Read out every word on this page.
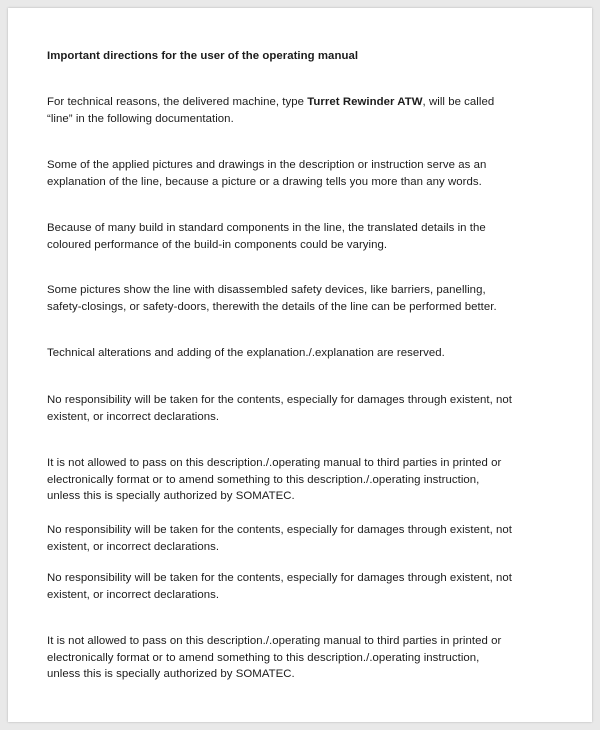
Important directions for the user of the operating manual
For technical reasons, the delivered machine, type Turret Rewinder ATW, will be called
“line” in the following documentation.
Some of the applied pictures and drawings in the description or instruction serve as an
explanation of the line, because a picture or a drawing tells you more than any words.
Because of many build in standard components in the line, the translated details in the
coloured performance of the build-in components could be varying.
Some pictures show the line with disassembled safety devices, like barriers, panelling,
safety-closings, or safety-doors, therewith the details of the line can be performed better.
Technical alterations and adding of the explanation./.explanation are reserved.
No responsibility will be taken for the contents, especially for damages through existent, not
existent, or incorrect declarations.
It is not allowed to pass on this description./.operating manual to third parties in printed or
electronically format or to amend something to this description./.operating instruction,
unless this is specially authorized by SOMATEC.
No responsibility will be taken for the contents, especially for damages through existent, not
existent, or incorrect declarations.
No responsibility will be taken for the contents, especially for damages through existent, not
existent, or incorrect declarations.
It is not allowed to pass on this description./.operating manual to third parties in printed or
electronically format or to amend something to this description./.operating instruction,
unless this is specially authorized by SOMATEC.
